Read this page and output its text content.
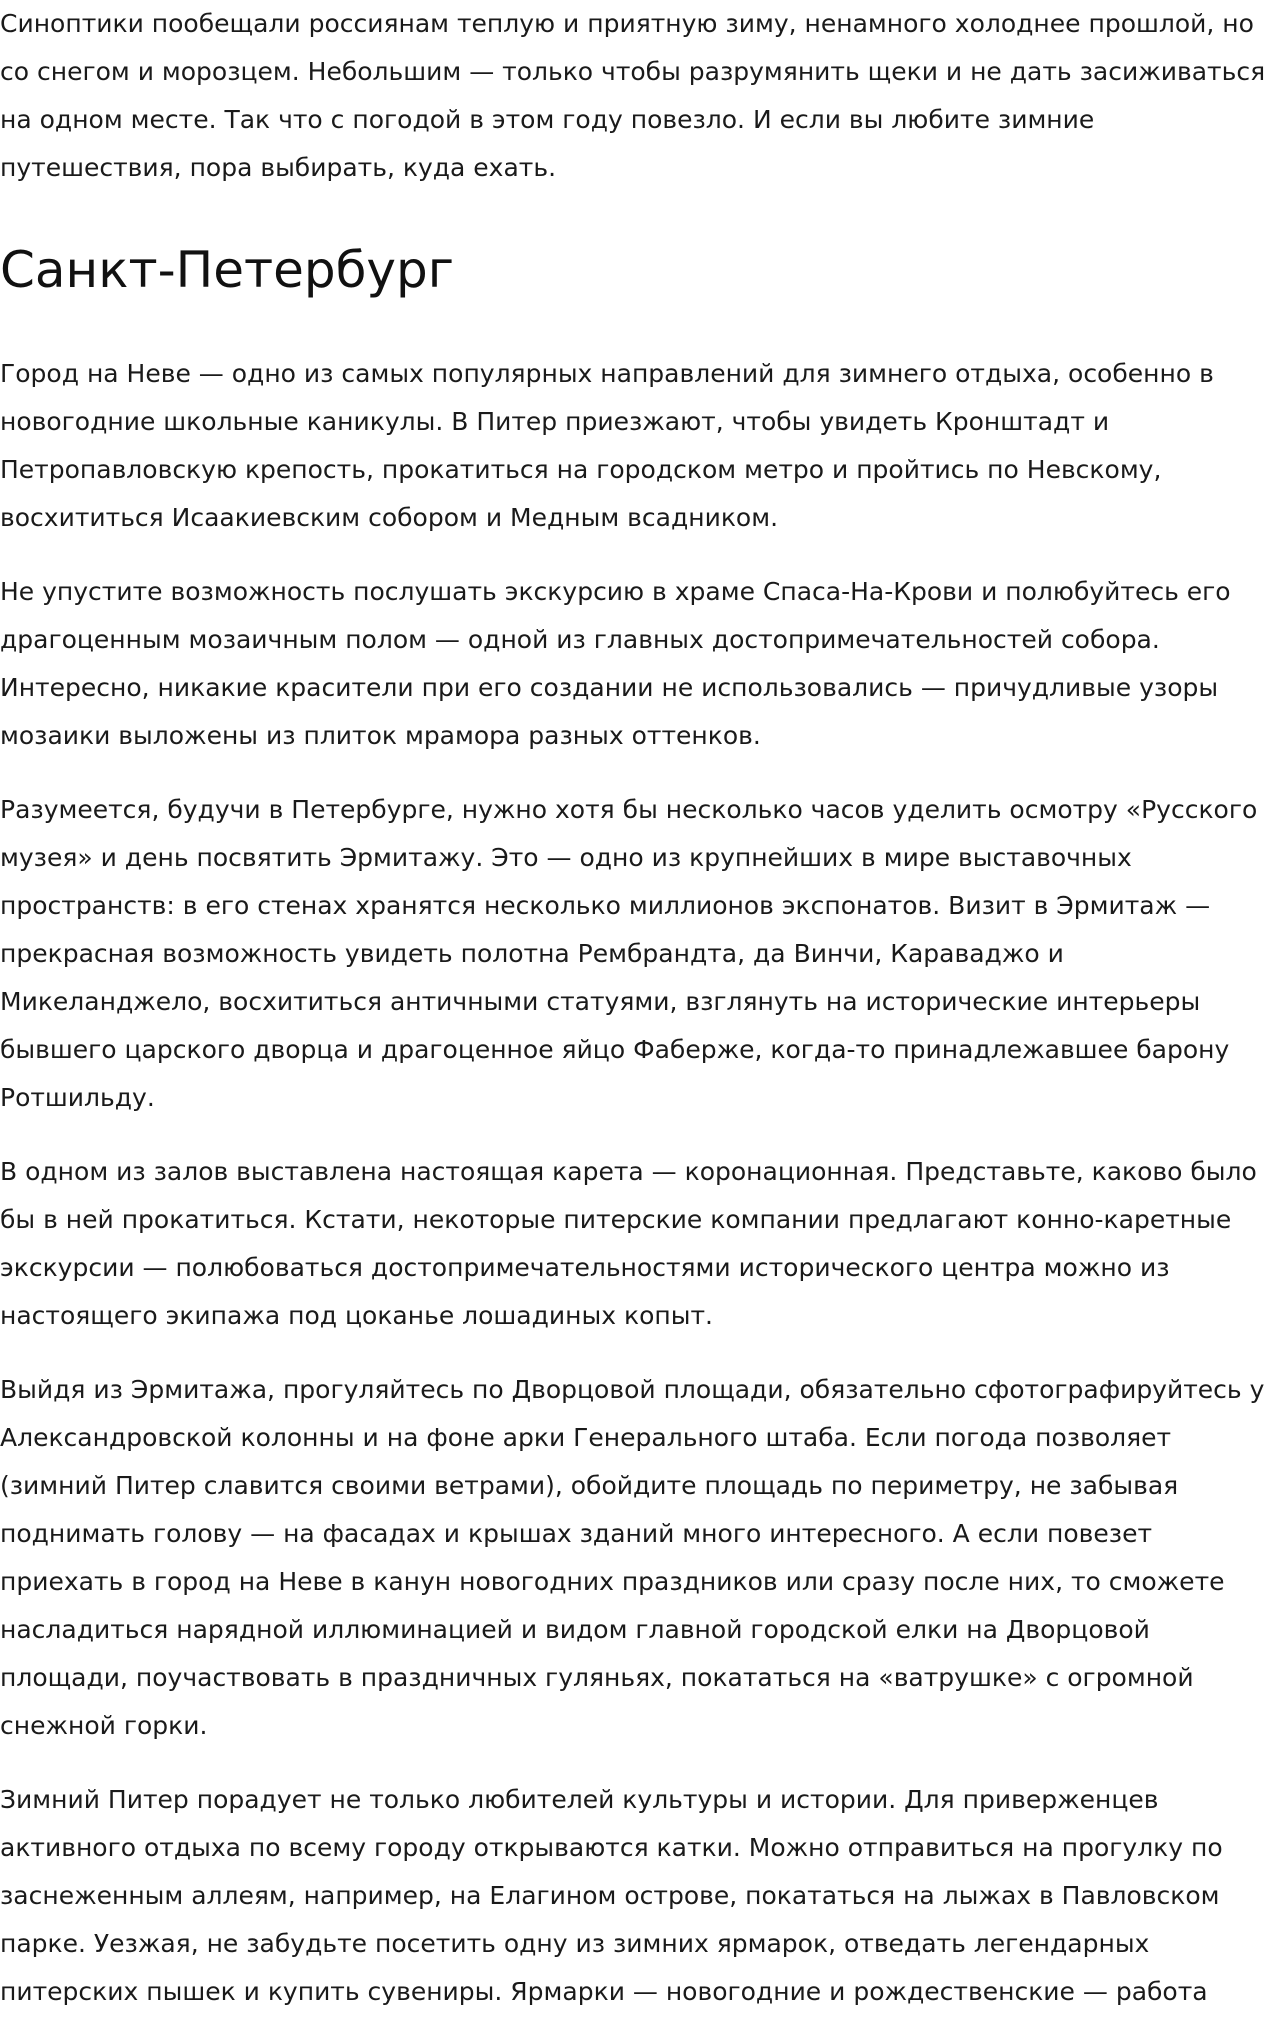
Синоптики пообещали россиянам теплую и приятную зиму, ненамного холоднее прошлой, но со снегом и морозцем. Небольшим — только чтобы разрумянить щеки и не дать засиживаться на одном месте. Так что с погодой в этом году повезло. И если вы любите зимние путешествия, пора выбирать, куда ехать.

Санкт-Петербург

Город на Неве — одно из самых популярных направлений для зимнего отдыха, особенно в новогодние школьные каникулы. В Питер приезжают, чтобы увидеть Кронштадт и Петропавловскую крепость, прокатиться на городском метро и пройтись по Невскому, восхититься Исаакиевским собором и Медным всадником.

Не упустите возможность послушать экскурсию в храме Спаса-На-Крови и полюбуйтесь его драгоценным мозаичным полом — одной из главных достопримечательностей собора. Интересно, никакие красители при его создании не использовались — причудливые узоры мозаики выложены из плиток мрамора разных оттенков.

Разумеется, будучи в Петербурге, нужно хотя бы несколько часов уделить осмотру «Русского музея» и день посвятить Эрмитажу. Это — одно из крупнейших в мире выставочных пространств: в его стенах хранятся несколько миллионов экспонатов. Визит в Эрмитаж — прекрасная возможность увидеть полотна Рембрандта, да Винчи, Караваджо и Микеланджело, восхититься античными статуями, взглянуть на исторические интерьеры бывшего царского дворца и драгоценное яйцо Фаберже, когда-то принадлежавшее барону Ротшильду.

В одном из залов выставлена настоящая карета — коронационная. Представьте, каково было бы в ней прокатиться. Кстати, некоторые питерские компании предлагают конно-каретные экскурсии — полюбоваться достопримечательностями исторического центра можно из настоящего экипажа под цоканье лошадиных копыт.

Выйдя из Эрмитажа, прогуляйтесь по Дворцовой площади, обязательно сфотографируйтесь у Александровской колонны и на фоне арки Генерального штаба. Если погода позволяет (зимний Питер славится своими ветрами), обойдите площадь по периметру, не забывая поднимать голову — на фасадах и крышах зданий много интересного. А если повезет приехать в город на Неве в канун новогодних праздников или сразу после них, то сможете насладиться нарядной иллюминацией и видом главной городской елки на Дворцовой площади, поучаствовать в праздничных гуляньях, покататься на «ватрушке» с огромной снежной горки.

Зимний Питер порадует не только любителей культуры и истории. Для приверженцев активного отдыха по всему городу открываются катки. Можно отправиться на прогулку по заснеженным аллеям, например, на Елагином острове, покататься на лыжах в Павловском парке. Уезжая, не забудьте посетить одну из зимних ярмарок, отведать легендарных питерских пышек и купить сувениры. Ярмарки — новогодние и рождественские — работа
